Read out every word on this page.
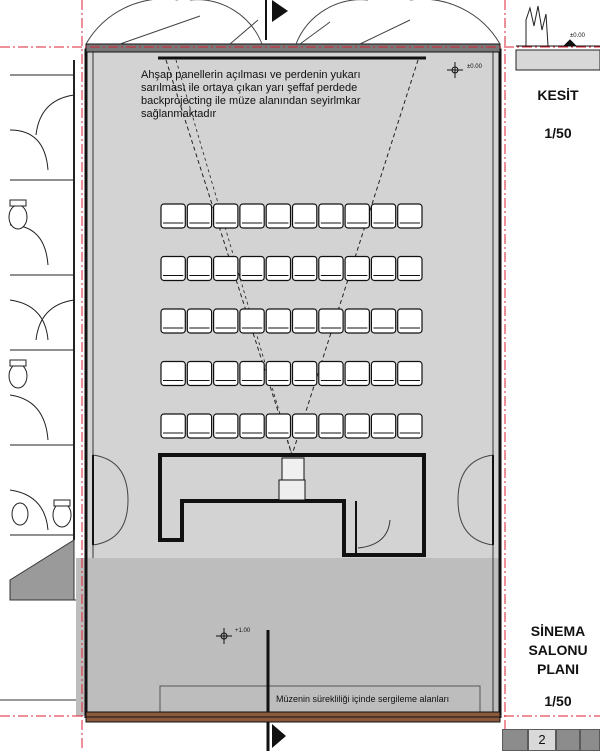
Ahşap panellerin açılması ve perdenin yukarı
sarılması ile ortaya çıkan yarı şeffaf perdede
backprojecting ile müze alanından seyirlmkar
sağlanmaktadır
±0.00
±0.00
+1.00
KESİT
1/50
SİNEMA
SALONU
PLANI
1/50
Müzenin sürekliliği içinde sergileme alanları
2
